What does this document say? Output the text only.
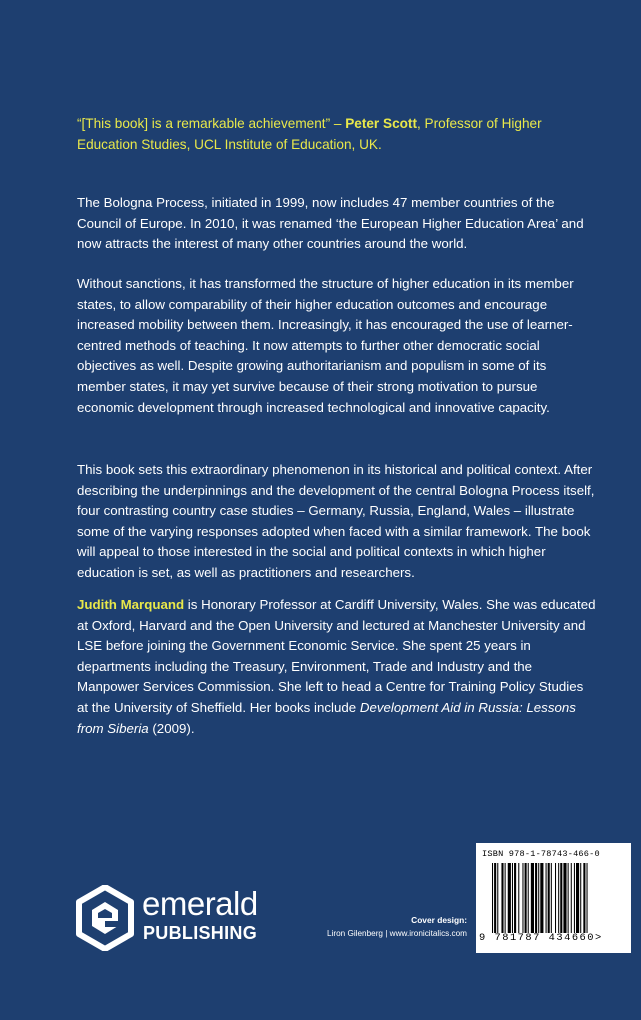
“[This book] is a remarkable achievement” – Peter Scott, Professor of Higher Education Studies, UCL Institute of Education, UK.

The Bologna Process, initiated in 1999, now includes 47 member countries of the Council of Europe. In 2010, it was renamed ‘the European Higher Education Area’ and now attracts the interest of many other countries around the world.

Without sanctions, it has transformed the structure of higher education in its member states, to allow comparability of their higher education outcomes and encourage increased mobility between them. Increasingly, it has encouraged the use of learner-centred methods of teaching. It now attempts to further other democratic social objectives as well. Despite growing authoritarianism and populism in some of its member states, it may yet survive because of their strong motivation to pursue economic development through increased technological and innovative capacity.

This book sets this extraordinary phenomenon in its historical and political context. After describing the underpinnings and the development of the central Bologna Process itself, four contrasting country case studies – Germany, Russia, England, Wales – illustrate some of the varying responses adopted when faced with a similar framework. The book will appeal to those interested in the social and political contexts in which higher education is set, as well as practitioners and researchers.

Judith Marquand is Honorary Professor at Cardiff University, Wales. She was educated at Oxford, Harvard and the Open University and lectured at Manchester University and LSE before joining the Government Economic Service. She spent 25 years in departments including the Treasury, Environment, Trade and Industry and the Manpower Services Commission. She left to head a Centre for Training Policy Studies at the University of Sheffield. Her books include Development Aid in Russia: Lessons from Siberia (2009).

emerald
PUBLISHING
Cover design:
Liron Gilenberg | www.ironicitalics.com
ISBN 978-1-78743-466-0
9 781787 434660>
